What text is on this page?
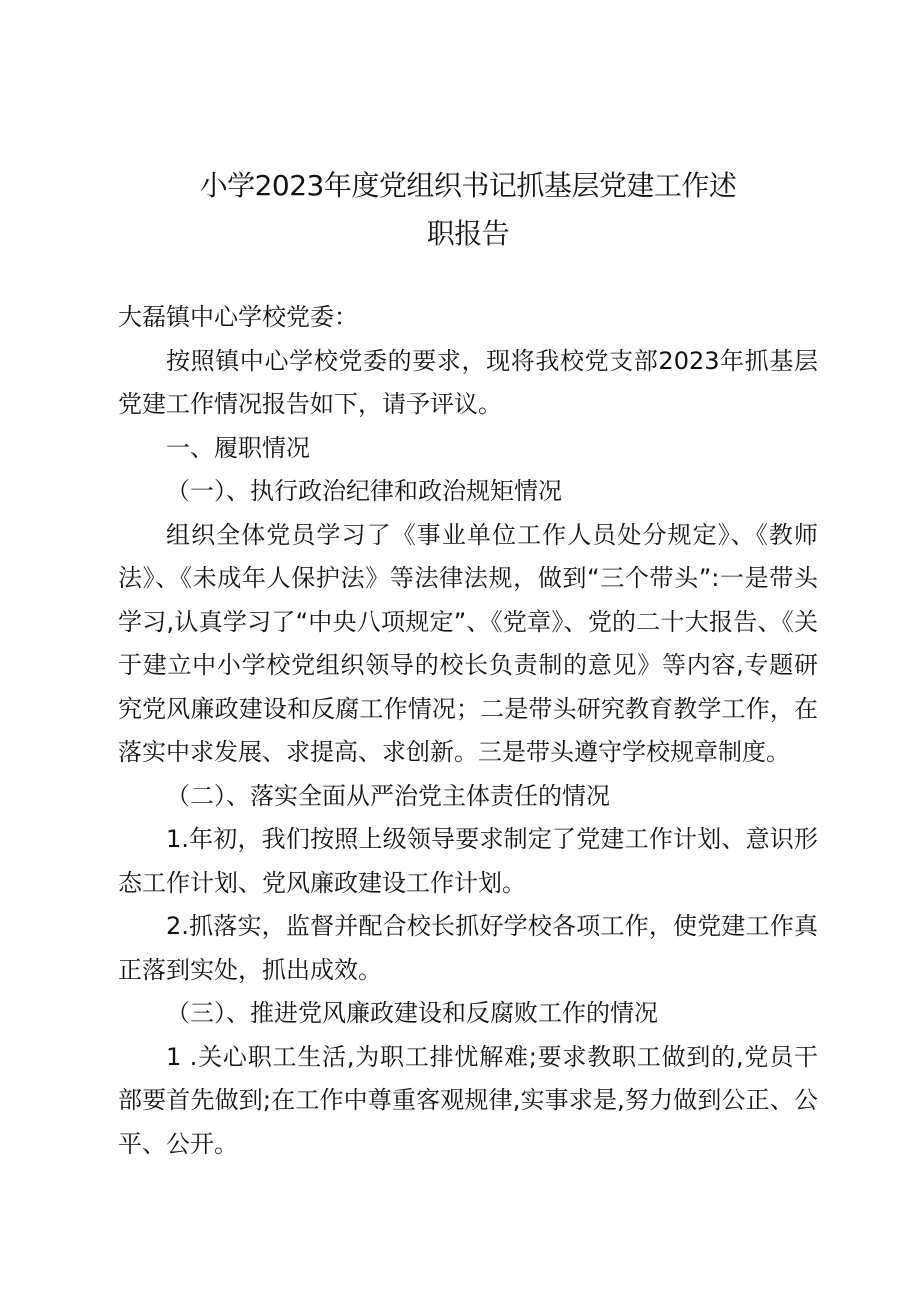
小学2023年度党组织书记抓基层党建工作述
职报告

大磊镇中心学校党委：

按照镇中心学校党委的要求，现将我校党支部2023年抓基层党建工作情况报告如下，请予评议。

一、履职情况

（一）、执行政治纪律和政治规矩情况

组织全体党员学习了《事业单位工作人员处分规定》、《教师法》、《未成年人保护法》等法律法规，做到“三个带头”:一是带头学习,认真学习了“中央八项规定”、《党章》、党的二十大报告、《关于建立中小学校党组织领导的校长负责制的意见》等内容,专题研究党风廉政建设和反腐工作情况；二是带头研究教育教学工作，在落实中求发展、求提高、求创新。三是带头遵守学校规章制度。

（二）、落实全面从严治党主体责任的情况

1.年初，我们按照上级领导要求制定了党建工作计划、意识形态工作计划、党风廉政建设工作计划。

2.抓落实，监督并配合校长抓好学校各项工作，使党建工作真正落到实处，抓出成效。

（三）、推进党风廉政建设和反腐败工作的情况

1 .关心职工生活,为职工排忧解难;要求教职工做到的,党员干部要首先做到;在工作中尊重客观规律,实事求是,努力做到公正、公平、公开。
